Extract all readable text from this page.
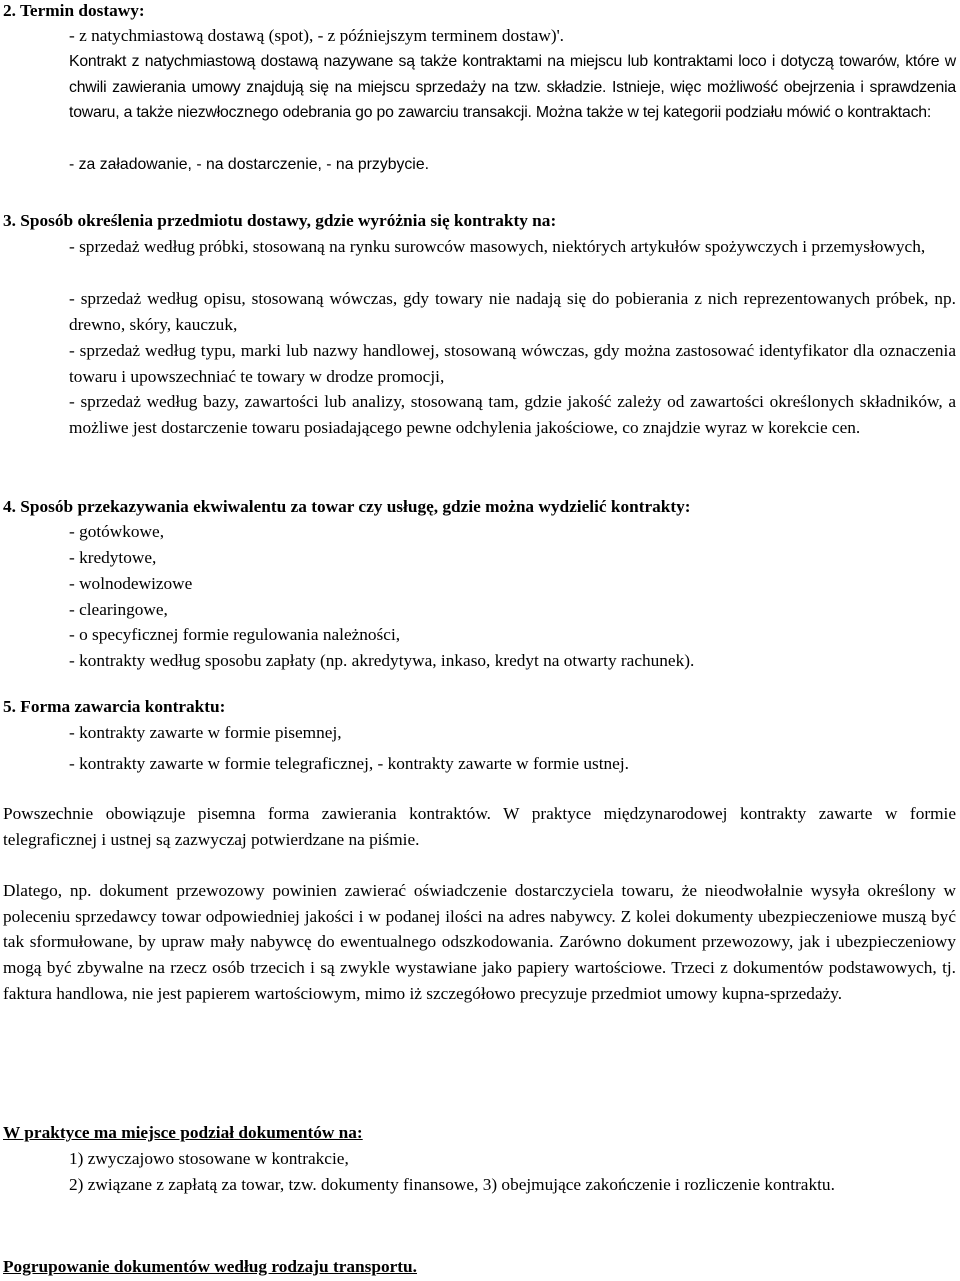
2. Termin dostawy:

- z natychmiastową dostawą (spot), - z późniejszym terminem dostaw)'.

Kontrakt z natychmiastową dostawą nazywane są także kontraktami na miejscu lub kontraktami loco i dotyczą towarów, które w chwili zawierania umowy znajdują się na miejscu sprzedaży na tzw. składzie. Istnieje, więc możliwość obejrzenia i sprawdzenia towaru, a także niezwłocznego odebrania go po zawarciu transakcji. Można także w tej kategorii podziału mówić o kontraktach:

- za załadowanie, - na dostarczenie, - na przybycie.

3. Sposób określenia przedmiotu dostawy, gdzie wyróżnia się kontrakty na:

- sprzedaż według próbki, stosowaną na rynku surowców masowych, niektórych artykułów spożywczych i przemysłowych,

- sprzedaż według opisu, stosowaną wówczas, gdy towary nie nadają się do pobierania z nich reprezentowanych próbek, np. drewno, skóry, kauczuk,

- sprzedaż według typu, marki lub nazwy handlowej, stosowaną wówczas, gdy można zastosować identyfikator dla oznaczenia towaru i upowszechniać te towary w drodze promocji,

- sprzedaż według bazy, zawartości lub analizy, stosowaną tam, gdzie jakość zależy od zawartości określonych składników, a możliwe jest dostarczenie towaru posiadającego pewne odchylenia jakościowe, co znajdzie wyraz w korekcie cen.

4. Sposób przekazywania ekwiwalentu za towar czy usługę, gdzie można wydzielić kontrakty:

- gotówkowe,

- kredytowe,

- wolnodewizowe

- clearingowe,

- o specyficznej formie regulowania należności,

- kontrakty według sposobu zapłaty (np. akredytywa, inkaso, kredyt na otwarty rachunek).

5. Forma zawarcia kontraktu:

- kontrakty zawarte w formie pisemnej,

- kontrakty zawarte w formie telegraficznej, - kontrakty zawarte w formie ustnej.

Powszechnie obowiązuje pisemna forma zawierania kontraktów. W praktyce międzynarodowej kontrakty zawarte w formie telegraficznej i ustnej są zazwyczaj potwierdzane na piśmie.

Dlatego, np. dokument przewozowy powinien zawierać oświadczenie dostarczyciela towaru, że nieodwołalnie wysyła określony w poleceniu sprzedawcy towar odpowiedniej jakości i w podanej ilości na adres nabywcy. Z kolei dokumenty ubezpieczeniowe muszą być tak sformułowane, by upraw mały nabywcę do ewentualnego odszkodowania. Zarówno dokument przewozowy, jak i ubezpieczeniowy mogą być zbywalne na rzecz osób trzecich i są zwykle wystawiane jako papiery wartościowe. Trzeci z dokumentów podstawowych, tj. faktura handlowa, nie jest papierem wartościowym, mimo iż szczegółowo precyzuje przedmiot umowy kupna-sprzedaży.

W praktyce ma miejsce podział dokumentów na:

1) zwyczajowo stosowane w kontrakcie,

2) związane z zapłatą za towar, tzw. dokumenty finansowe, 3) obejmujące zakończenie i rozliczenie kontraktu.

Pogrupowanie dokumentów według rodzaju transportu.
